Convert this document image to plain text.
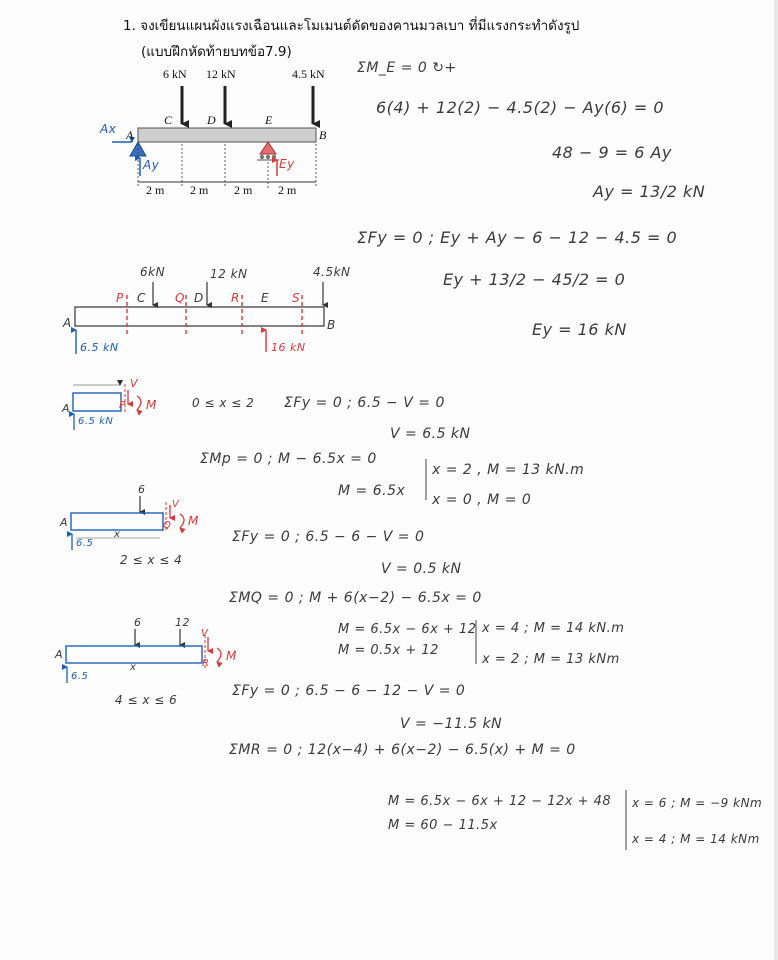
1. จงเขียนแผนผังแรงเฉือนและโมเมนต์ดัดของคานมวลเบา ที่มีแรงกระทำดังรูป
(แบบฝึกหัดท้ายบทข้อ7.9)
6 kN 12 kN	4.5 kN
C	D	E
B
A
Ax
Ay	Ey
2 m 2 m 2 m 2 m
ΣM_E = 0 ↻+
6(4) + 12(2) − 4.5(2) − Ay(6) = 0
48 − 9 = 6 Ay
Ay = 13/2 kN
ΣFy = 0 ; Ey + Ay − 6 − 12 − 4.5 = 0
Ey + 13/2 − 45/2 = 0
Ey = 16 kN
6kN	12 kN	4.5kN
P C Q D R E S
A	B
6.5 kN	16 kN
A	P
V
M
6.5 kN
0 ≤ x ≤ 2 ΣFy = 0 ; 6.5 − V = 0
V = 6.5 kN
ΣMp = 0 ; M − 6.5x = 0
M = 6.5x
x = 2 , M = 13 kN.m
x = 0 , M = 0
6
A	Q
V
M
6.5
x
2 ≤ x ≤ 4
ΣFy = 0 ; 6.5 − 6 − V = 0
V = 0.5 kN
ΣMQ = 0 ; M + 6(x−2) − 6.5x = 0
M = 6.5x − 6x + 12
M = 0.5x + 12
x = 4 ; M = 14 kN.m
x = 2 ; M = 13 kNm
6	12
A
R
V
M
6.5
x
4 ≤ x ≤ 6
ΣFy = 0 ; 6.5 − 6 − 12 − V = 0
V = −11.5 kN
ΣMR = 0 ; 12(x−4) + 6(x−2) − 6.5(x) + M = 0
M = 6.5x − 6x + 12 − 12x + 48
M = 60 − 11.5x
x = 6 ; M = −9 kNm
x = 4 ; M = 14 kNm
